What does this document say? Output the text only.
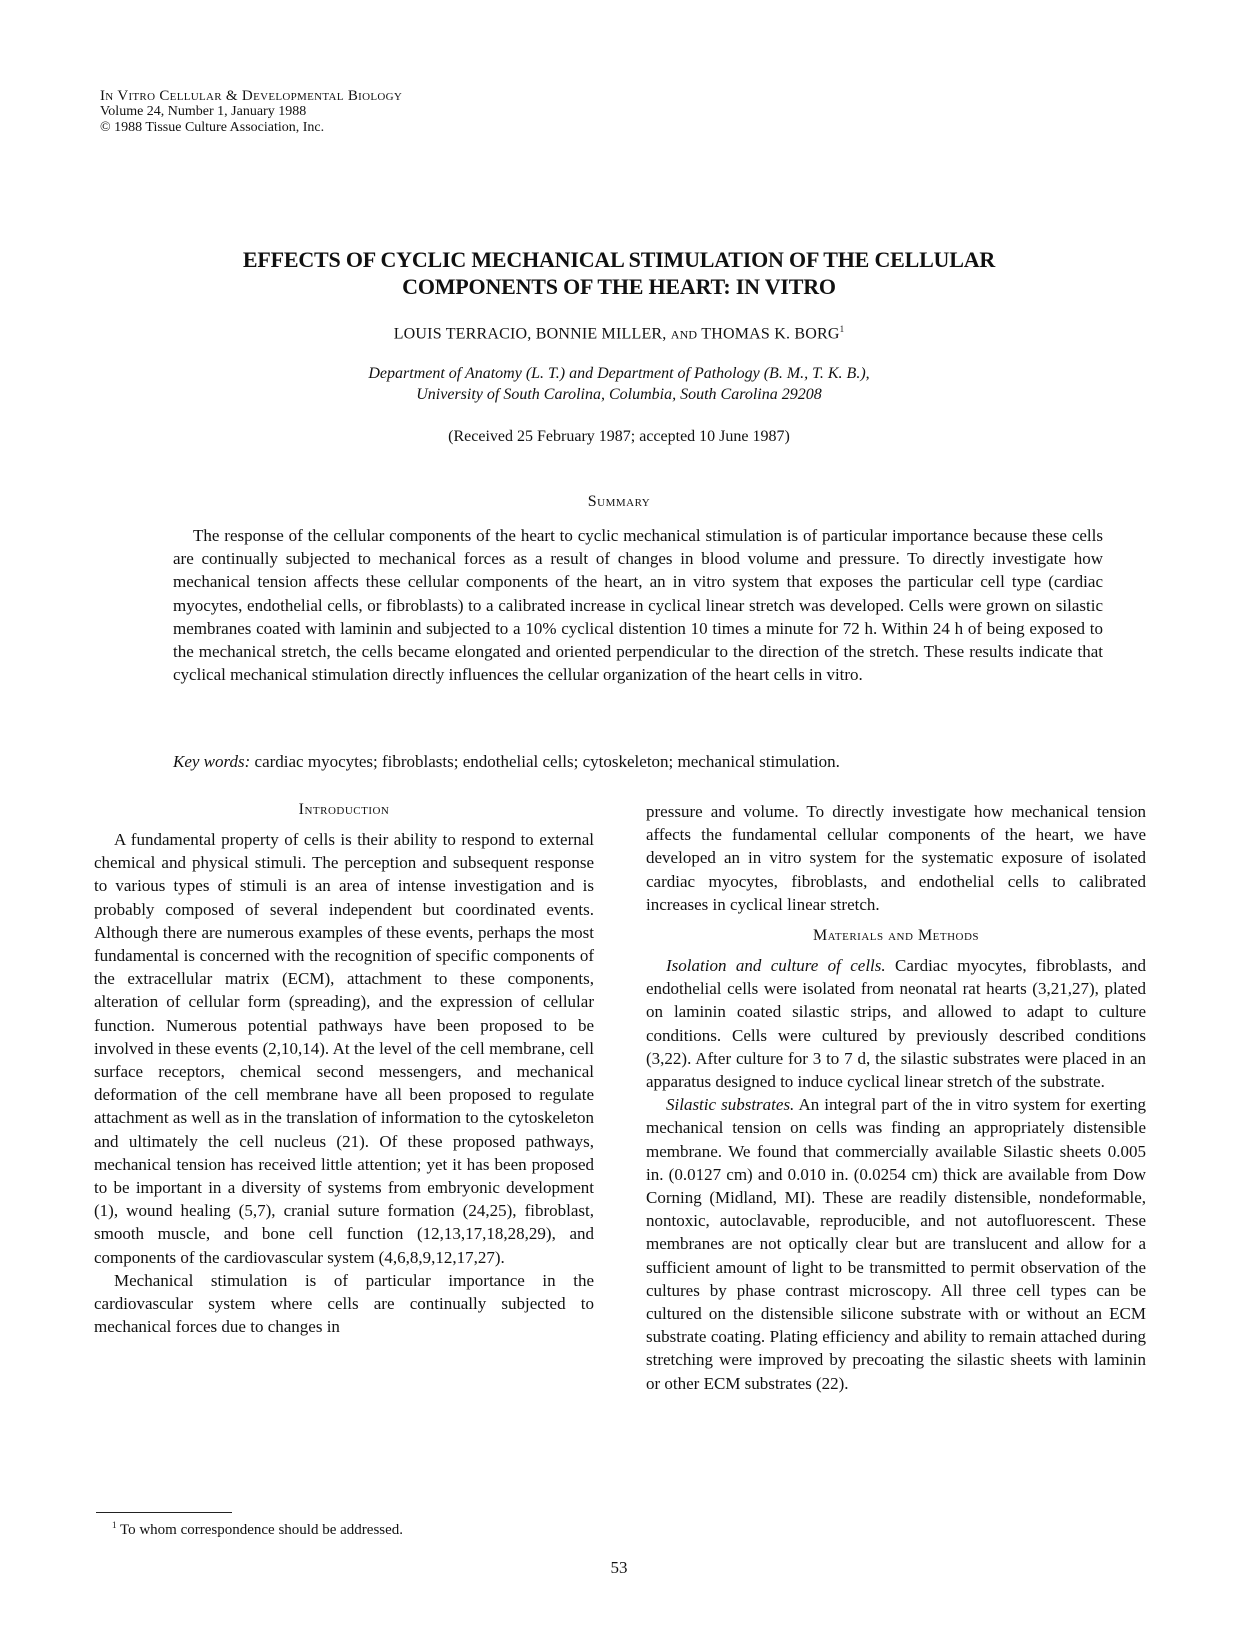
In Vitro Cellular & Developmental Biology
Volume 24, Number 1, January 1988
© 1988 Tissue Culture Association, Inc.
EFFECTS OF CYCLIC MECHANICAL STIMULATION OF THE CELLULAR
COMPONENTS OF THE HEART: IN VITRO
LOUIS TERRACIO, BONNIE MILLER, AND THOMAS K. BORG$^1$
Department of Anatomy (L. T.) and Department of Pathology (B. M., T. K. B.),
University of South Carolina, Columbia, South Carolina 29208
(Received 25 February 1987; accepted 10 June 1987)
Summary

The response of the cellular components of the heart to cyclic mechanical stimulation is of particular importance because these cells are continually subjected to mechanical forces as a result of changes in blood volume and pressure. To directly investigate how mechanical tension affects these cellular components of the heart, an in vitro system that exposes the particular cell type (cardiac myocytes, endothelial cells, or fibroblasts) to a calibrated increase in cyclical linear stretch was developed. Cells were grown on silastic membranes coated with laminin and subjected to a 10% cyclical distention 10 times a minute for 72 h. Within 24 h of being exposed to the mechanical stretch, the cells became elongated and oriented perpendicular to the direction of the stretch. These results indicate that cyclical mechanical stimulation directly influences the cellular organization of the heart cells in vitro.

Key words: cardiac myocytes; fibroblasts; endothelial cells; cytoskeleton; mechanical stimulation.

Introduction

A fundamental property of cells is their ability to respond to external chemical and physical stimuli. The perception and subsequent response to various types of stimuli is an area of intense investigation and is probably composed of several independent but coordinated events. Although there are numerous examples of these events, perhaps the most fundamental is concerned with the recognition of specific components of the extracellular matrix (ECM), attachment to these components, alteration of cellular form (spreading), and the expression of cellular function. Numerous potential pathways have been proposed to be involved in these events (2,10,14). At the level of the cell membrane, cell surface receptors, chemical second messengers, and mechanical deformation of the cell membrane have all been proposed to regulate attachment as well as in the translation of information to the cytoskeleton and ultimately the cell nucleus (21). Of these proposed pathways, mechanical tension has received little attention; yet it has been proposed to be important in a diversity of systems from embryonic development (1), wound healing (5,7), cranial suture formation (24,25), fibroblast, smooth muscle, and bone cell function (12,13,17,18,28,29), and components of the cardiovascular system (4,6,8,9,12,17,27).

Mechanical stimulation is of particular importance in the cardiovascular system where cells are continually subjected to mechanical forces due to changes in

pressure and volume. To directly investigate how mechanical tension affects the fundamental cellular components of the heart, we have developed an in vitro system for the systematic exposure of isolated cardiac myocytes, fibroblasts, and endothelial cells to calibrated increases in cyclical linear stretch.

Materials and Methods

Isolation and culture of cells. Cardiac myocytes, fibroblasts, and endothelial cells were isolated from neonatal rat hearts (3,21,27), plated on laminin coated silastic strips, and allowed to adapt to culture conditions. Cells were cultured by previously described conditions (3,22). After culture for 3 to 7 d, the silastic substrates were placed in an apparatus designed to induce cyclical linear stretch of the substrate.

Silastic substrates. An integral part of the in vitro system for exerting mechanical tension on cells was finding an appropriately distensible membrane. We found that commercially available Silastic sheets 0.005 in. (0.0127 cm) and 0.010 in. (0.0254 cm) thick are available from Dow Corning (Midland, MI). These are readily distensible, nondeformable, nontoxic, autoclavable, reproducible, and not autofluorescent. These membranes are not optically clear but are translucent and allow for a sufficient amount of light to be transmitted to permit observation of the cultures by phase contrast microscopy. All three cell types can be cultured on the distensible silicone substrate with or without an ECM substrate coating. Plating efficiency and ability to remain attached during stretching were improved by precoating the silastic sheets with laminin or other ECM substrates (22).

$^1$ To whom correspondence should be addressed.
53
